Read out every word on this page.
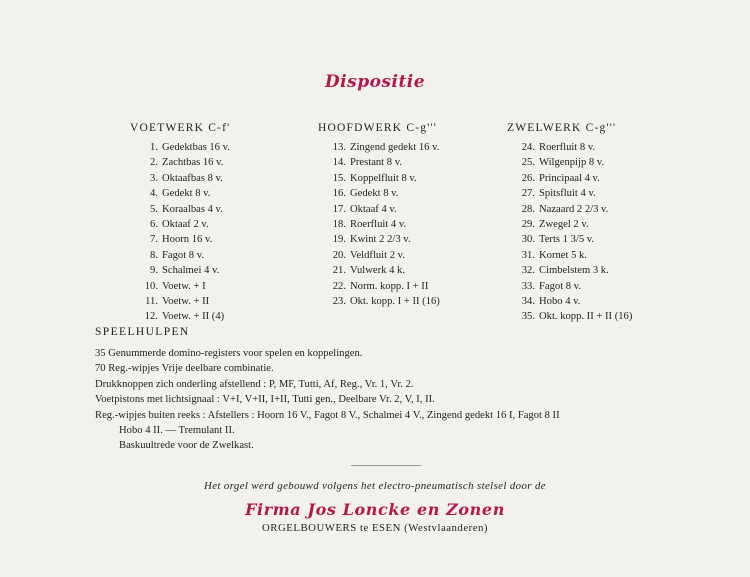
Dispositie
VOETWERK C-f'
1. Gedektbas 16 v.
2. Zachtbas 16 v.
3. Oktaafbas 8 v.
4. Gedekt 8 v.
5. Koraalbas 4 v.
6. Oktaaf 2 v.
7. Hoorn 16 v.
8. Fagot 8 v.
9. Schalmei 4 v.
10. Voetw. + I
11. Voetw. + II
12. Voetw. + II (4)
HOOFDWERK C-g'''
13. Zingend gedekt 16 v.
14. Prestant 8 v.
15. Koppelfluit 8 v.
16. Gedekt 8 v.
17. Oktaaf 4 v.
18. Roerfluit 4 v.
19. Kwint 2 2/3 v.
20. Veldfluit 2 v.
21. Vulwerk 4 k.
22. Norm. kopp. I + II
23. Okt. kopp. I + II (16)
ZWELWERK C-g'''
24. Roerfluit 8 v.
25. Wilgenpijp 8 v.
26. Principaal 4 v.
27. Spitsfluit 4 v.
28. Nazaard 2 2/3 v.
29. Zwegel 2 v.
30. Terts 1 3/5 v.
31. Kornet 5 k.
32. Cimbelstem 3 k.
33. Fagot 8 v.
34. Hobo 4 v.
35. Okt. kopp. II + II (16)
SPEELHULPEN
35 Genummerde domino-registers voor spelen en koppelingen.
70 Reg.-wipjes Vrije deelbare combinatie.
Drukknoppen zich onderling afstellend : P, MF, Tutti, Af, Reg., Vr. 1, Vr. 2.
Voetpistons met lichtsignaal : V+I, V+II, I+II, Tutti gen., Deelbare Vr. 2, V, I, II.
Reg.-wipjes buiten reeks : Afstellers : Hoorn 16 V., Fagot 8 V., Schalmei 4 V., Zingend gedekt 16 I, Fagot 8 II
Hobo 4 II. — Tremulant II.
Baskuultrede voor de Zwelkast.
Het orgel werd gebouwd volgens het electro-pneumatisch stelsel door de
Firma Jos Loncke en Zonen
ORGELBOUWERS te ESEN (Westvlaanderen)
